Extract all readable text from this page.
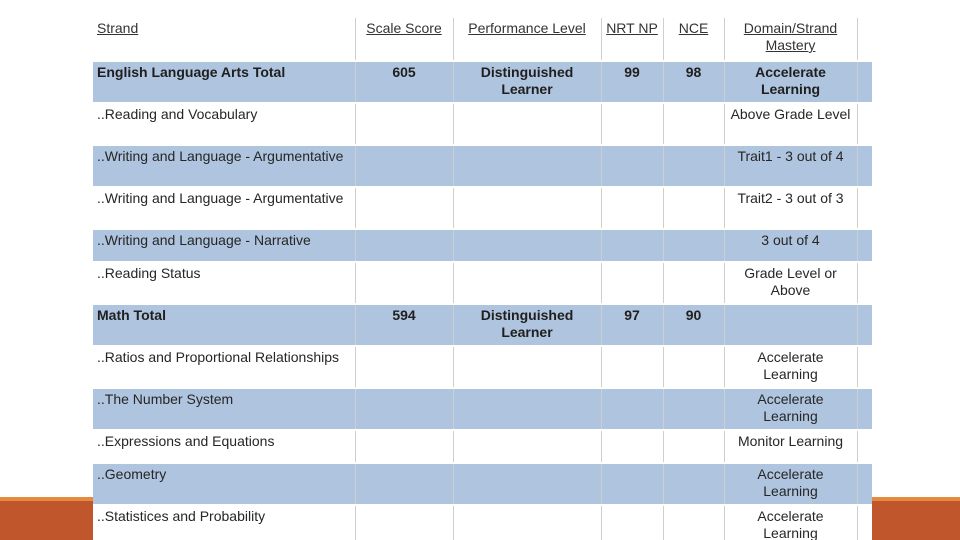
Strand	Scale Score	Performance Level	NRT NP	NCE	Domain/Strand Mastery	
English Language Arts Total	605	Distinguished Learner	99	98	Accelerate Learning	
..Reading and Vocabulary					Above Grade Level	
..Writing and Language - Argumentative					Trait1 - 3 out of 4	
..Writing and Language - Argumentative					Trait2 - 3 out of 3	
..Writing and Language - Narrative					3 out of 4	
..Reading Status					Grade Level or Above	
Math Total	594	Distinguished Learner	97	90		
..Ratios and Proportional Relationships					Accelerate Learning	
..The Number System					Accelerate Learning	
..Expressions and Equations					Monitor Learning	
..Geometry					Accelerate Learning	
..Statistices and Probability					Accelerate Learning	
